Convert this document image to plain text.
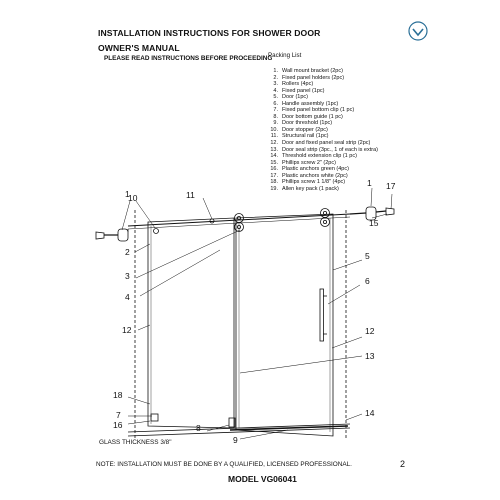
INSTALLATION INSTRUCTIONS FOR SHOWER DOOR
OWNER'S MANUAL
PLEASE READ INSTRUCTIONS BEFORE PROCEEDING
Packing List
1. Wall mount bracket (2pc)
2. Fixed panel holders (2pc)
3. Rollers (4pc)
4. Fixed panel (1pc)
5. Door (1pc)
6. Handle assembly (1pc)
7. Fixed panel bottom clip (1 pc)
8. Door bottom guide (1 pc)
9. Door threshold (1pc)
10. Door stopper (2pc)
11. Structural rail (1pc)
12. Door and fixed panel seal strip (2pc)
13. Door seal strip (3pc., 1 of each is extra)
14. Threshold extension clip (1 pc)
15. Phillips screw 2" (2pc)
16. Plastic anchors green (4pc)
17. Plastic anchors white (2pc)
18. Phillips screw 1 1/8" (4pc)
19. Allen key pack (1 pack)
1
10	11
1 17
15
2
3
4
5
6
12	12
13
18
7
16	8
9
14
GLASS THICKNESS 3/8"
NOTE: INSTALLATION MUST BE DONE BY A QUALIFIED, LICENSED PROFESSIONAL.
MODEL VG06041
2
